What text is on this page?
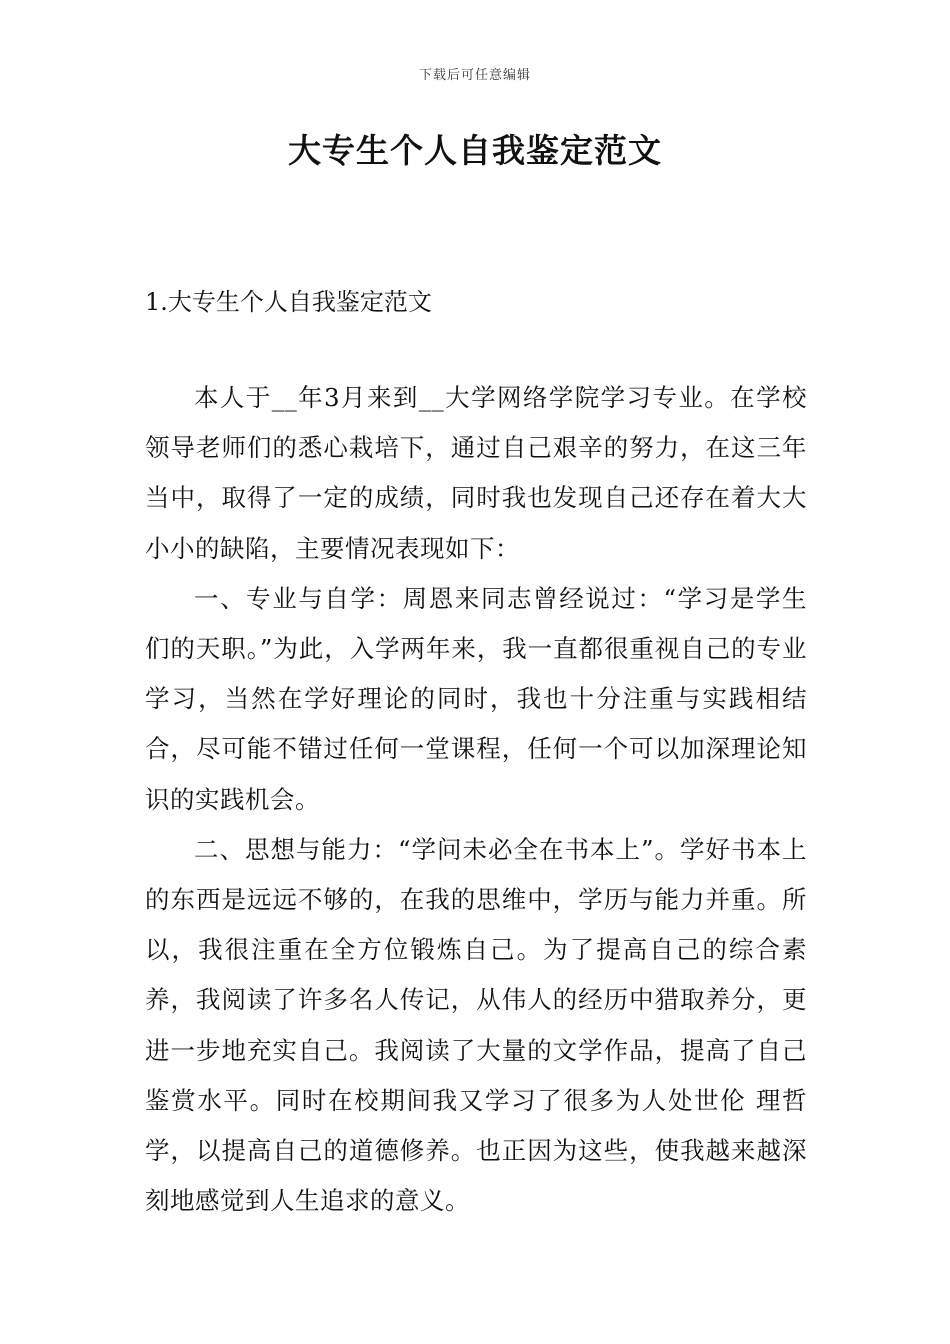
下载后可任意编辑
大专生个人自我鉴定范文
1.大专生个人自我鉴定范文

本人于__年3月来到__大学网络学院学习专业。在学校领导老师们的悉心栽培下，通过自己艰辛的努力，在这三年当中，取得了一定的成绩，同时我也发现自己还存在着大大小小的缺陷，主要情况表现如下：

一、专业与自学：周恩来同志曾经说过：“学习是学生们的天职。”为此，入学两年来，我一直都很重视自己的专业学习，当然在学好理论的同时，我也十分注重与实践相结合，尽可能不错过任何一堂课程，任何一个可以加深理论知识的实践机会。

二、思想与能力：“学问未必全在书本上”。学好书本上的东西是远远不够的，在我的思维中，学历与能力并重。所以，我很注重在全方位锻炼自己。为了提高自己的综合素养，我阅读了许多名人传记，从伟人的经历中猎取养分，更进一步地充实自己。我阅读了大量的文学作品，提高了自己鉴赏水平。同时在校期间我又学习了很多为人处世伦 理哲学，以提高自己的道德修养。也正因为这些，使我越来越深刻地感觉到人生追求的意义。
